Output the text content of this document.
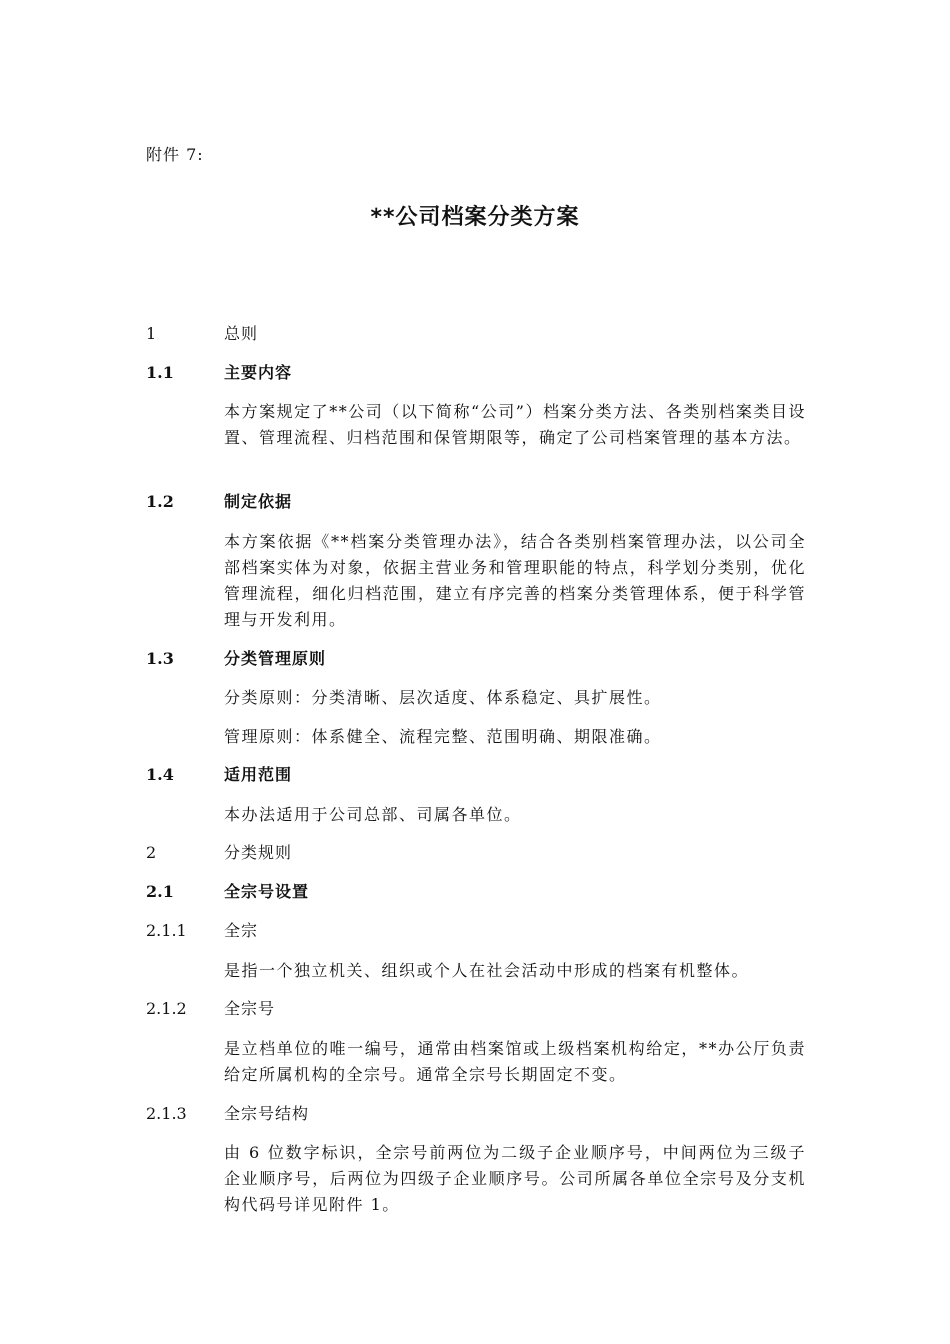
附件 7:
**公司档案分类方案
1	总则
1.1	主要内容

本方案规定了**公司（以下简称“公司”）档案分类方法、各类别档案类目设置、管理流程、归档范围和保管期限等，确定了公司档案管理的基本方法。

1.2	制定依据

本方案依据《**档案分类管理办法》，结合各类别档案管理办法，以公司全部档案实体为对象，依据主营业务和管理职能的特点，科学划分类别，优化管理流程，细化归档范围，建立有序完善的档案分类管理体系，便于科学管理与开发利用。

1.3	分类管理原则

分类原则：分类清晰、层次适度、体系稳定、具扩展性。

管理原则：体系健全、流程完整、范围明确、期限准确。

1.4	适用范围

本办法适用于公司总部、司属各单位。

2	分类规则
2.1	全宗号设置
2.1.1	全宗

是指一个独立机关、组织或个人在社会活动中形成的档案有机整体。

2.1.2	全宗号

是立档单位的唯一编号，通常由档案馆或上级档案机构给定，**办公厅负责给定所属机构的全宗号。通常全宗号长期固定不变。

2.1.3	全宗号结构

由 6 位数字标识，全宗号前两位为二级子企业顺序号，中间两位为三级子企业顺序号，后两位为四级子企业顺序号。公司所属各单位全宗号及分支机构代码号详见附件 1。
